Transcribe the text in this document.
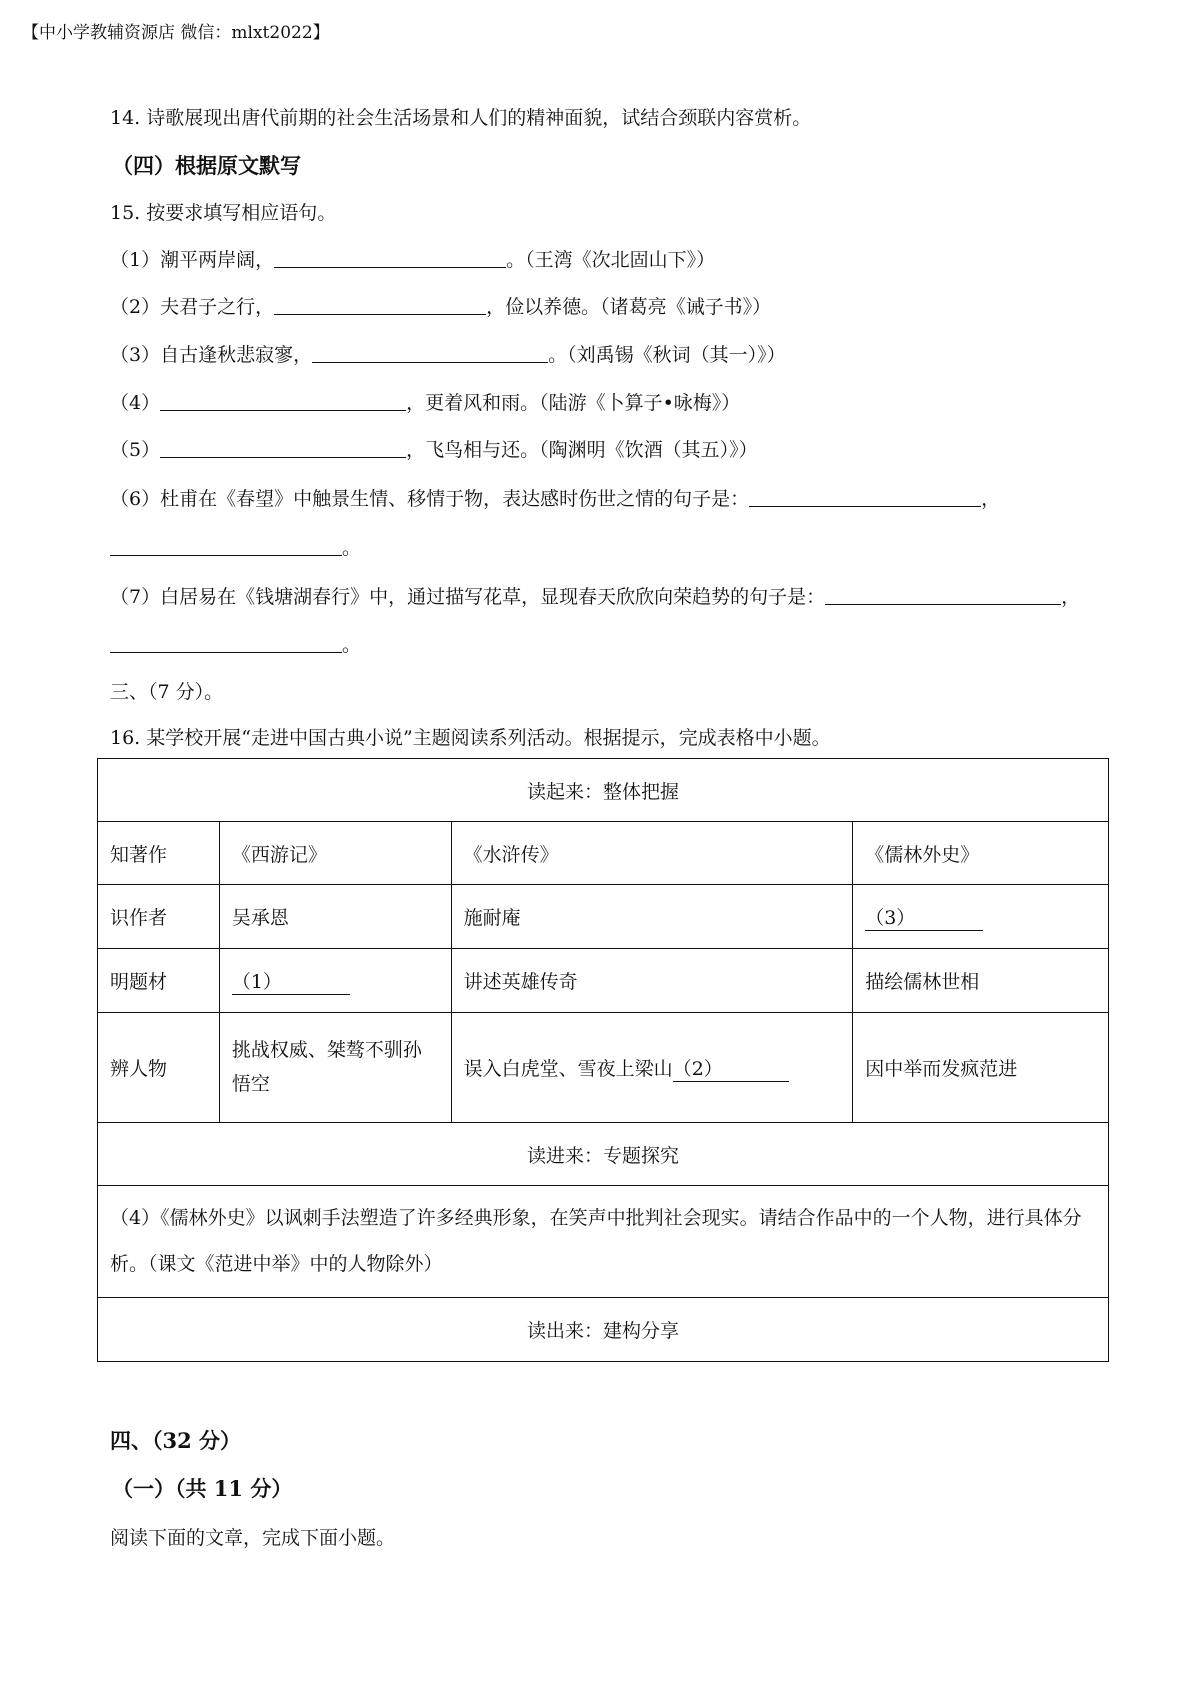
【中小学教辅资源店 微信：mlxt2022】
14. 诗歌展现出唐代前期的社会生活场景和人们的精神面貌，试结合颈联内容赏析。
（四）根据原文默写
15. 按要求填写相应语句。
（1）潮平两岸阔，	。（王湾《次北固山下》）
（2）夫君子之行，	，俭以养德。（诸葛亮《诫子书》）
（3）自古逢秋悲寂寥，	。（刘禹锡《秋词（其一）》）
（4）	，更着风和雨。（陆游《卜算子•咏梅》）
（5）	，飞鸟相与还。（陶渊明《饮酒（其五）》）
（6）杜甫在《春望》中触景生情、移情于物，表达感时伤世之情的句子是：	，
。
（7）白居易在《钱塘湖春行》中，通过描写花草，显现春天欣欣向荣趋势的句子是：	，
。
三、（7 分）。
16. 某学校开展“走进中国古典小说”主题阅读系列活动。根据提示，完成表格中小题。
读起来：整体把握			
知著作	《西游记》	《水浒传》	《儒林外史》
识作者	吴承恩	施耐庵	（3）
明题材	（1）	讲述英雄传奇	描绘儒林世相
辨人物	挑战权威、桀骜不驯孙悟空	误入白虎堂、雪夜上梁山（2）	因中举而发疯范进
读进来：专题探究			
（4）《儒林外史》以讽刺手法塑造了许多经典形象，在笑声中批判社会现实。请结合作品中的一个人物，进行具体分析。（课文《范进中举》中的人物除外）			
读出来：建构分享			
四、（32 分）
（一）（共 11 分）
阅读下面的文章，完成下面小题。
